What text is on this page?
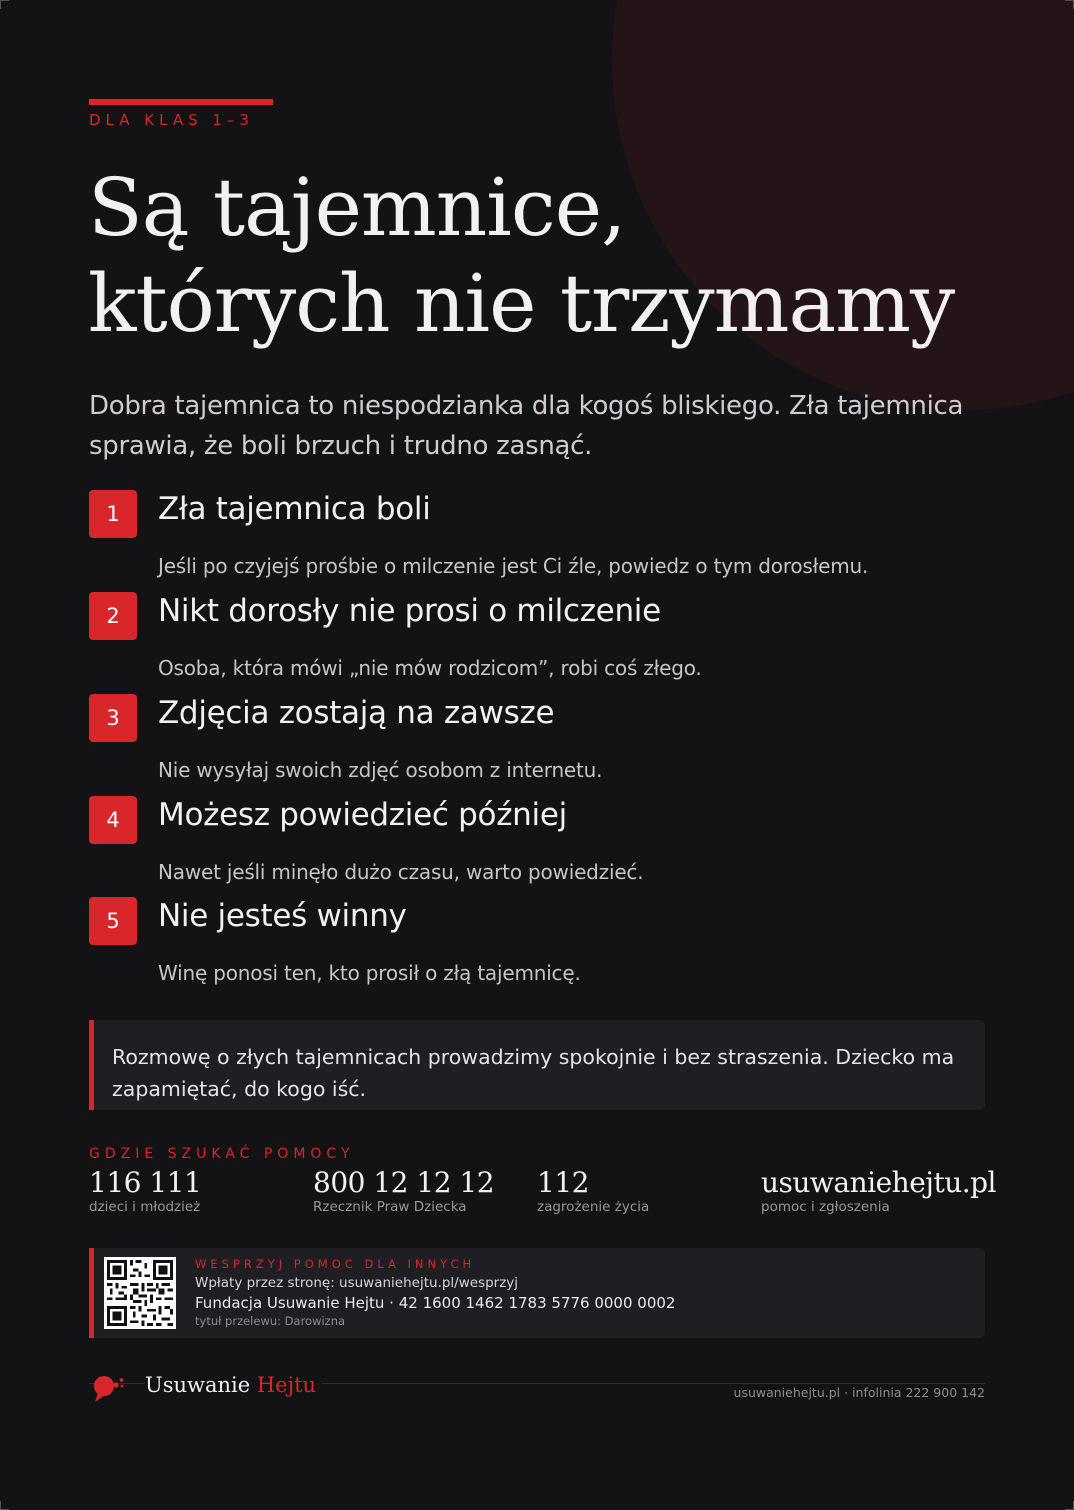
DLA KLAS 1–3
Są tajemnice,
których nie trzymamy

Dobra tajemnica to niespodzianka dla kogoś bliskiego. Zła tajemnica sprawia, że boli brzuch i trudno zasnąć.

1	Zła tajemnica boli
Jeśli po czyjejś prośbie o milczenie jest Ci źle, powiedz o tym dorosłemu.
2	Nikt dorosły nie prosi o milczenie
Osoba, która mówi „nie mów rodzicom”, robi coś złego.
3	Zdjęcia zostają na zawsze
Nie wysyłaj swoich zdjęć osobom z internetu.
4	Możesz powiedzieć później
Nawet jeśli minęło dużo czasu, warto powiedzieć.
5	Nie jesteś winny
Winę ponosi ten, kto prosił o złą tajemnicę.
Rozmowę o złych tajemnicach prowadzimy spokojnie i bez straszenia. Dziecko ma zapamiętać, do kogo iść.
GDZIE SZUKAĆ POMOCY
116 111
dzieci i młodzież
800 12 12 12
Rzecznik Praw Dziecka
112
zagrożenie życia
usuwaniehejtu.pl
pomoc i zgłoszenia
WESPRZYJ POMOC DLA INNYCH
Wpłaty przez stronę: usuwaniehejtu.pl/wesprzyj
Fundacja Usuwanie Hejtu · 42 1600 1462 1783 5776 0000 0002
tytuł przelewu: Darowizna
Usuwanie Hejtu	usuwaniehejtu.pl · infolinia 222 900 142
